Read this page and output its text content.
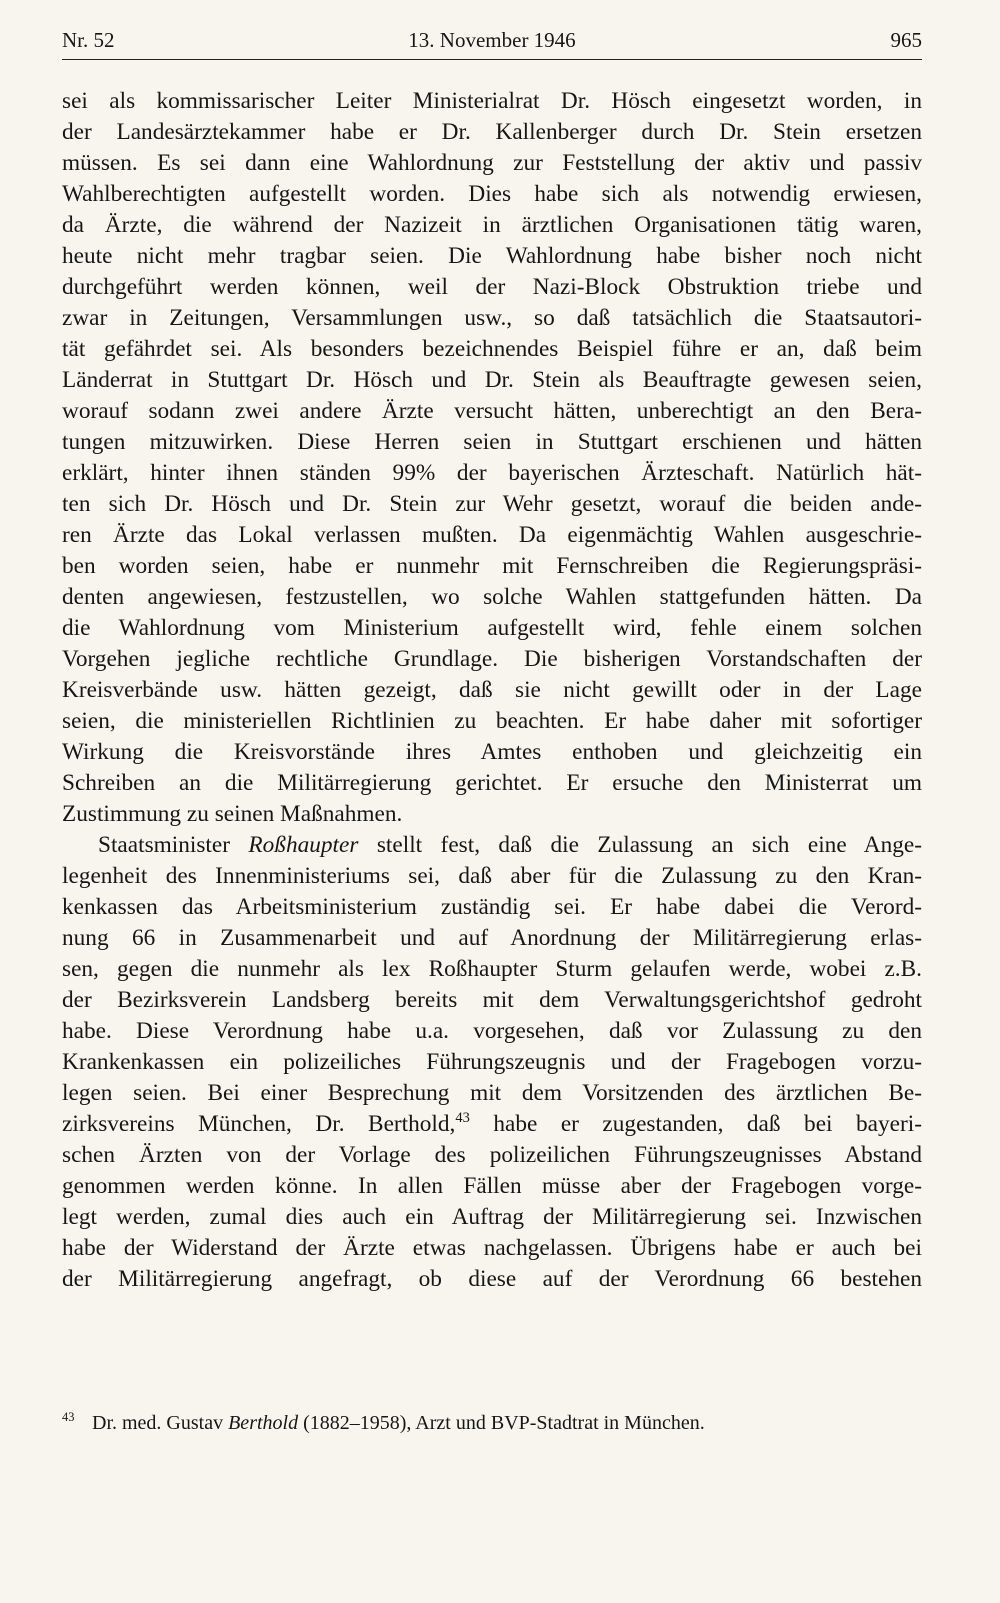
Nr. 52	13. November 1946	965
sei als kommissarischer Leiter Ministerialrat Dr. Hösch eingesetzt worden, in
der Landesärztekammer habe er Dr. Kallenberger durch Dr. Stein ersetzen
müssen. Es sei dann eine Wahlordnung zur Feststellung der aktiv und passiv
Wahlberechtigten aufgestellt worden. Dies habe sich als notwendig erwiesen,
da Ärzte, die während der Nazizeit in ärztlichen Organisationen tätig waren,
heute nicht mehr tragbar seien. Die Wahlordnung habe bisher noch nicht
durchgeführt werden können, weil der Nazi-Block Obstruktion triebe und
zwar in Zeitungen, Versammlungen usw., so daß tatsächlich die Staatsautori-
tät gefährdet sei. Als besonders bezeichnendes Beispiel führe er an, daß beim
Länderrat in Stuttgart Dr. Hösch und Dr. Stein als Beauftragte gewesen seien,
worauf sodann zwei andere Ärzte versucht hätten, unberechtigt an den Bera-
tungen mitzuwirken. Diese Herren seien in Stuttgart erschienen und hätten
erklärt, hinter ihnen ständen 99% der bayerischen Ärzteschaft. Natürlich hät-
ten sich Dr. Hösch und Dr. Stein zur Wehr gesetzt, worauf die beiden ande-
ren Ärzte das Lokal verlassen mußten. Da eigenmächtig Wahlen ausgeschrie-
ben worden seien, habe er nunmehr mit Fernschreiben die Regierungspräsi-
denten angewiesen, festzustellen, wo solche Wahlen stattgefunden hätten. Da
die Wahlordnung vom Ministerium aufgestellt wird, fehle einem solchen
Vorgehen jegliche rechtliche Grundlage. Die bisherigen Vorstandschaften der
Kreisverbände usw. hätten gezeigt, daß sie nicht gewillt oder in der Lage
seien, die ministeriellen Richtlinien zu beachten. Er habe daher mit sofortiger
Wirkung die Kreisvorstände ihres Amtes enthoben und gleichzeitig ein
Schreiben an die Militärregierung gerichtet. Er ersuche den Ministerrat um
Zustimmung zu seinen Maßnahmen.
Staatsminister Roßhaupter stellt fest, daß die Zulassung an sich eine Ange-
legenheit des Innenministeriums sei, daß aber für die Zulassung zu den Kran-
kenkassen das Arbeitsministerium zuständig sei. Er habe dabei die Verord-
nung 66 in Zusammenarbeit und auf Anordnung der Militärregierung erlas-
sen, gegen die nunmehr als lex Roßhaupter Sturm gelaufen werde, wobei z.B.
der Bezirksverein Landsberg bereits mit dem Verwaltungsgerichtshof gedroht
habe. Diese Verordnung habe u.a. vorgesehen, daß vor Zulassung zu den
Krankenkassen ein polizeiliches Führungszeugnis und der Fragebogen vorzu-
legen seien. Bei einer Besprechung mit dem Vorsitzenden des ärztlichen Be-
zirksvereins München, Dr. Berthold,$^{43}$ habe er zugestanden, daß bei bayeri-
schen Ärzten von der Vorlage des polizeilichen Führungszeugnisses Abstand
genommen werden könne. In allen Fällen müsse aber der Fragebogen vorge-
legt werden, zumal dies auch ein Auftrag der Militärregierung sei. Inzwischen
habe der Widerstand der Ärzte etwas nachgelassen. Übrigens habe er auch bei
der Militärregierung angefragt, ob diese auf der Verordnung 66 bestehen
$^{43}$ Dr. med. Gustav Berthold (1882–1958), Arzt und BVP-Stadtrat in München.
